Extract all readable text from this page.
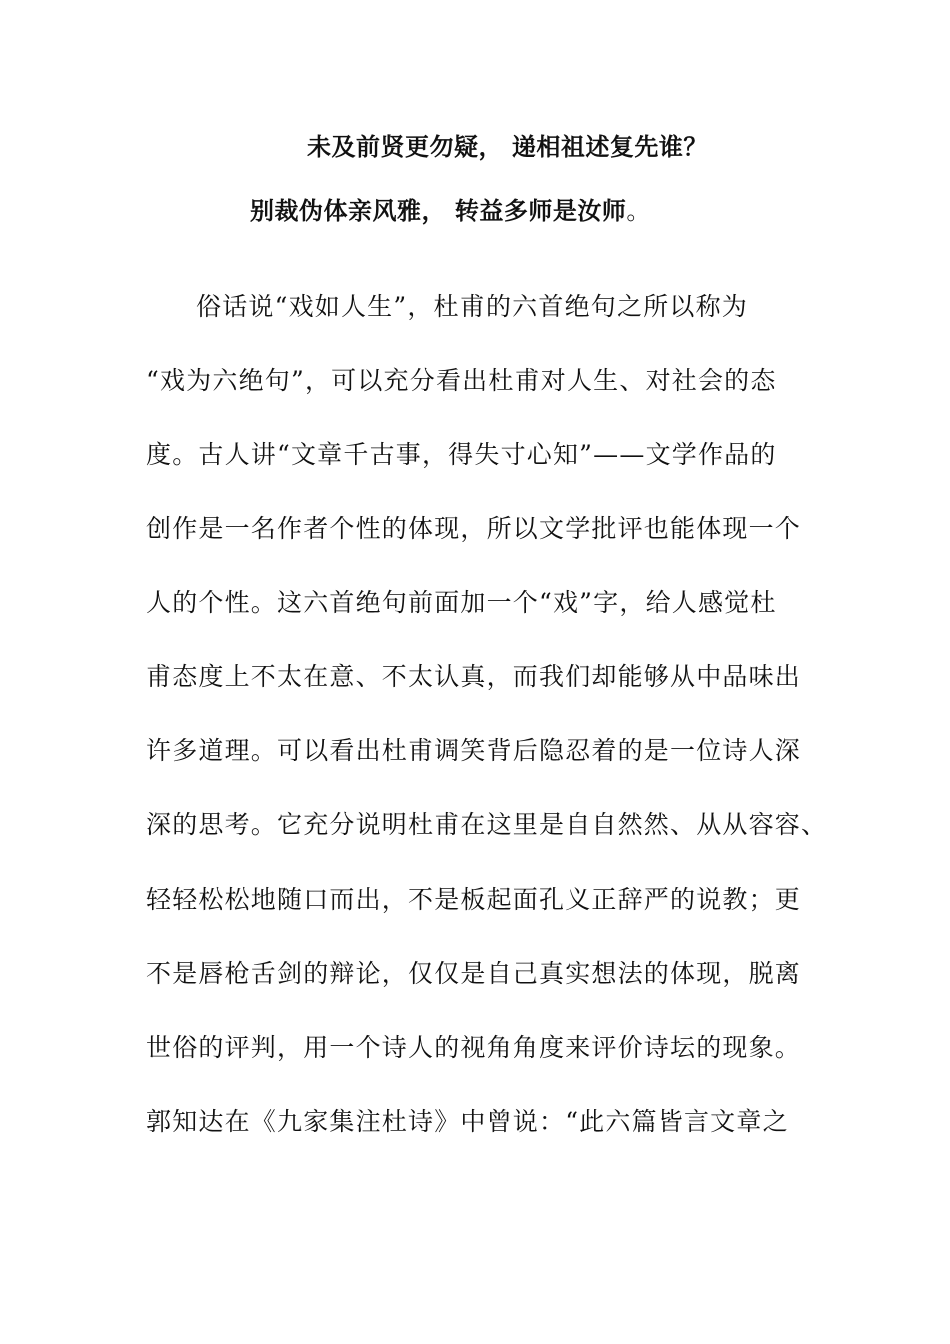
未及前贤更勿疑， 递相祖述复先谁？
别裁伪体亲风雅， 转益多师是汝师。
俗话说“戏如人生”，杜甫的六首绝句之所以称为
“戏为六绝句”，可以充分看出杜甫对人生、对社会的态
度。古人讲“文章千古事，得失寸心知”——文学作品的
创作是一名作者个性的体现，所以文学批评也能体现一个
人的个性。这六首绝句前面加一个“戏”字，给人感觉杜
甫态度上不太在意、不太认真，而我们却能够从中品味出
许多道理。可以看出杜甫调笑背后隐忍着的是一位诗人深
深的思考。它充分说明杜甫在这里是自自然然、从从容容、
轻轻松松地随口而出，不是板起面孔义正辞严的说教；更
不是唇枪舌剑的辩论，仅仅是自己真实想法的体现，脱离
世俗的评判，用一个诗人的视角角度来评价诗坛的现象。
郭知达在《九家集注杜诗》中曾说：“此六篇皆言文章之
